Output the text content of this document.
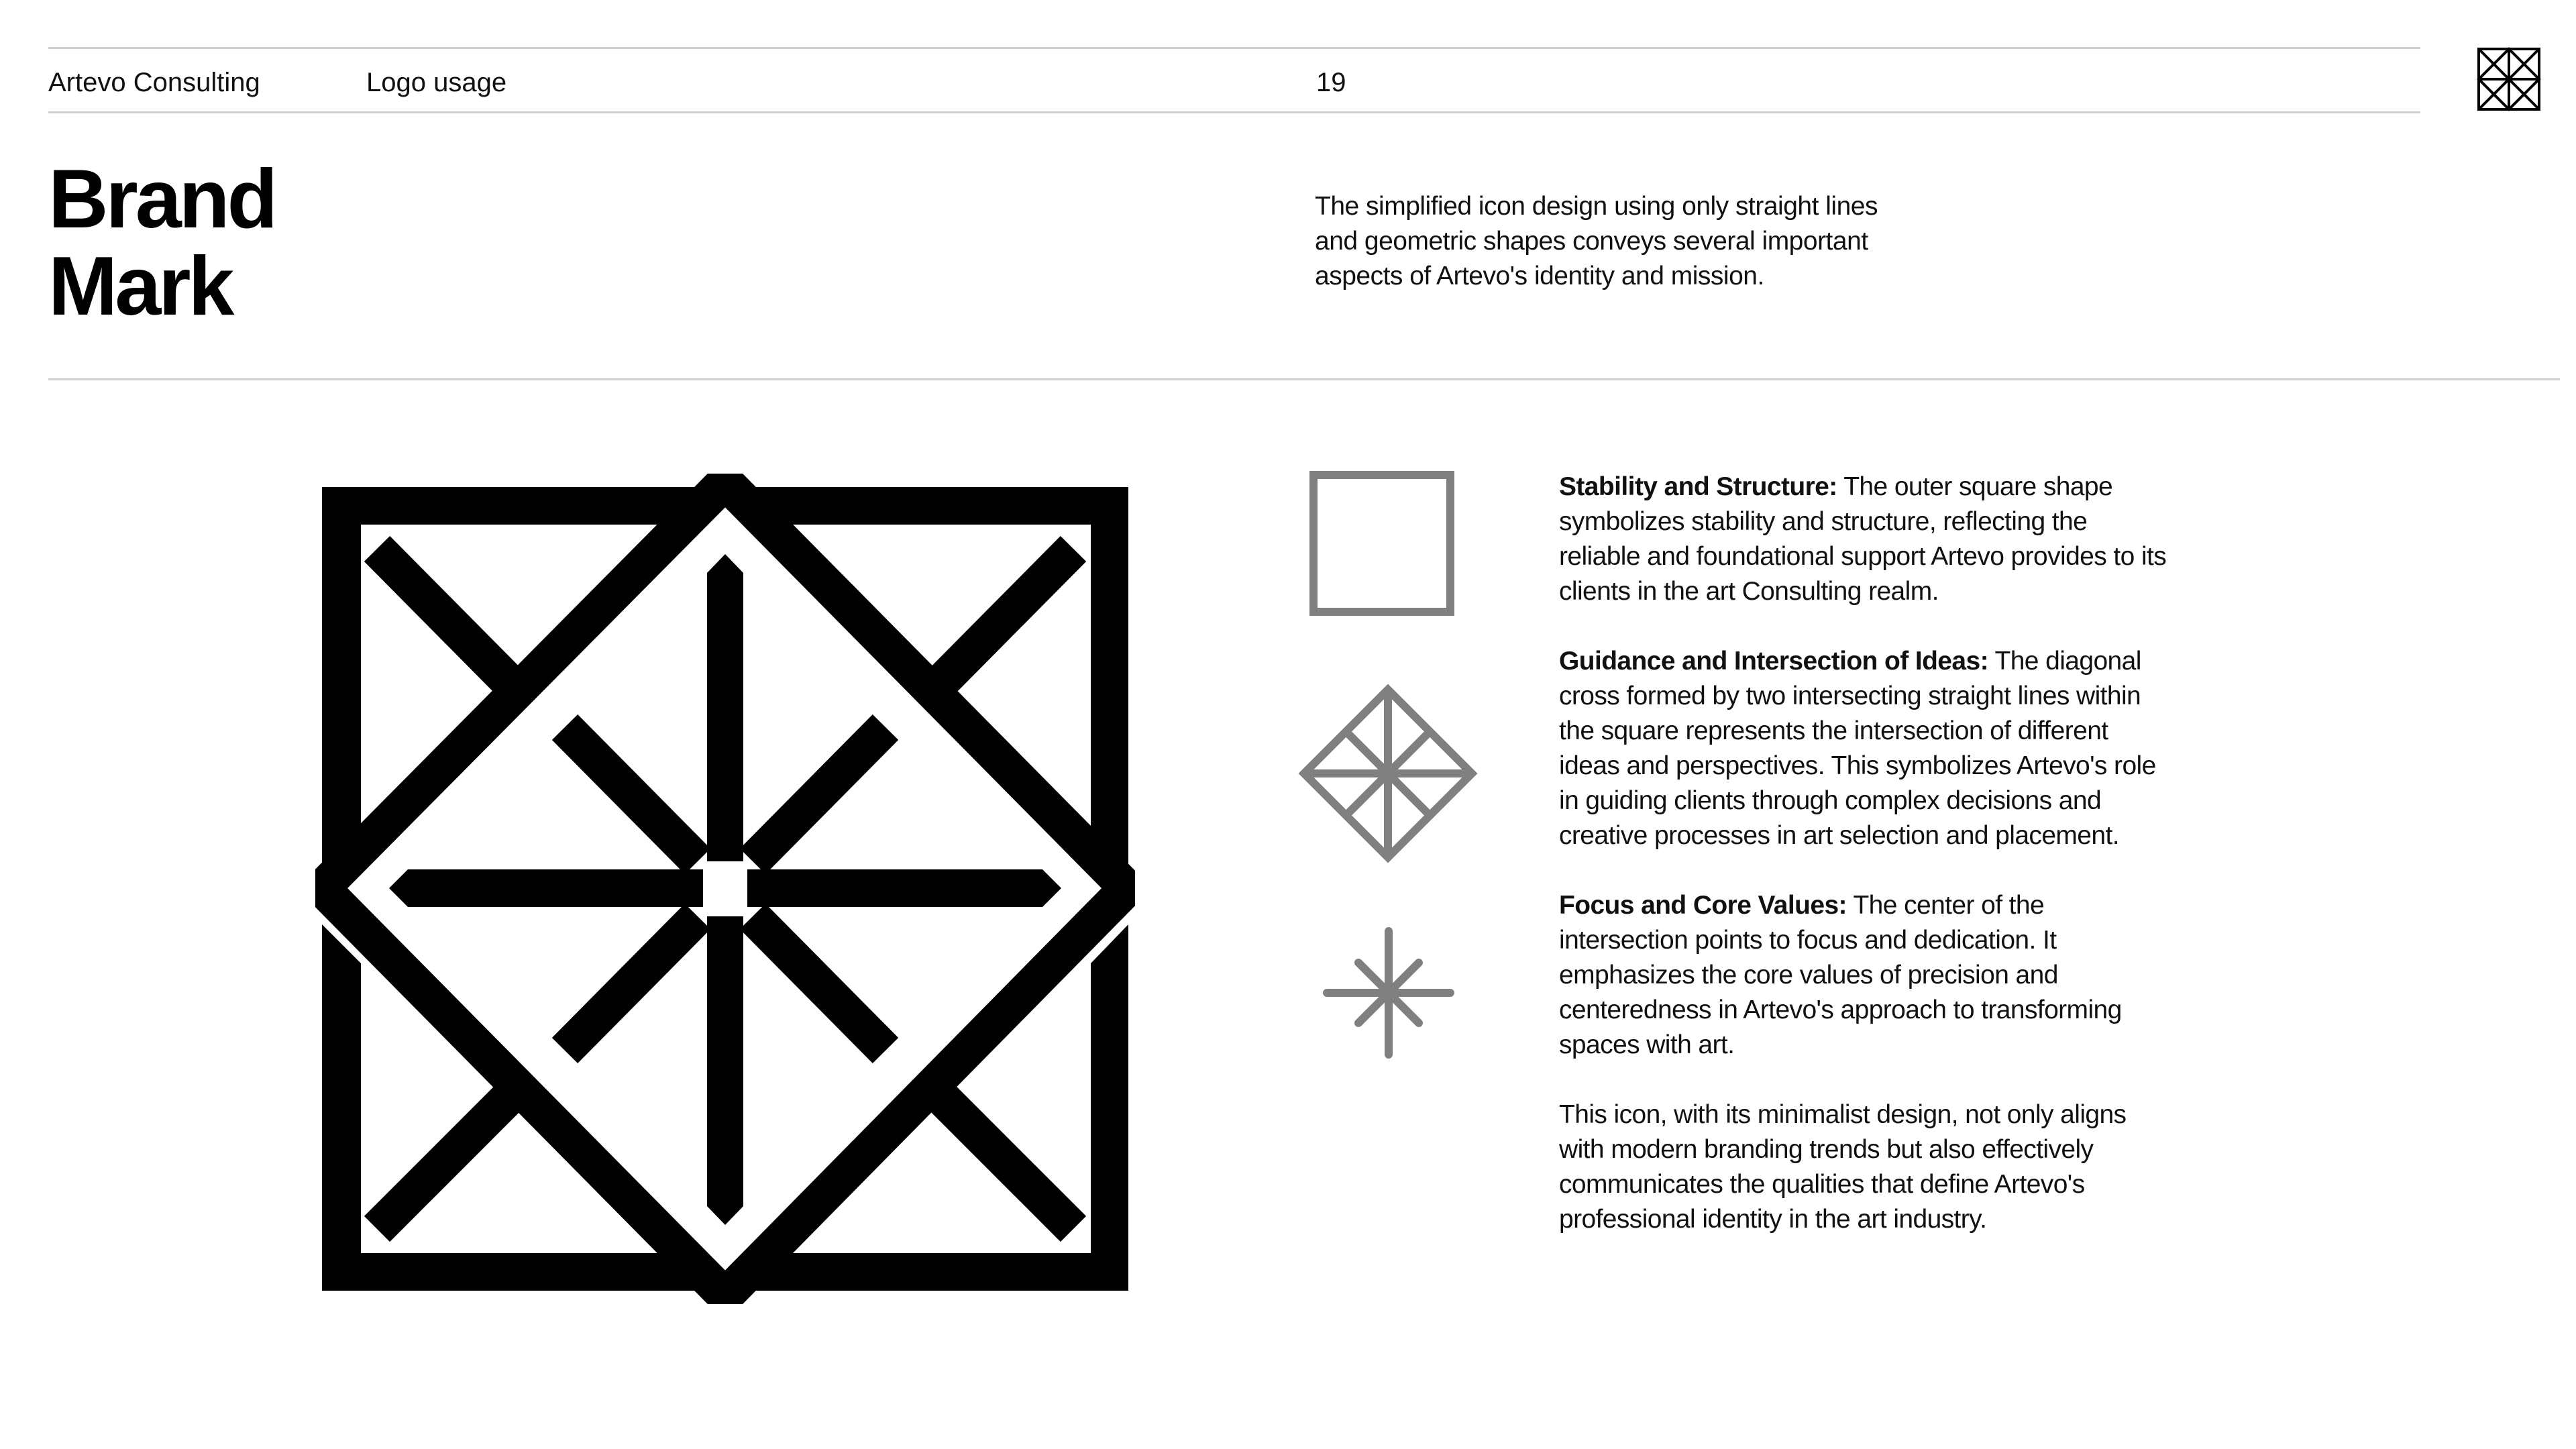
Artevo Consulting	Logo usage	19
Brand
Mark
The simplified icon design using only straight lines and geometric shapes conveys several important aspects of Artevo's identity and mission.

Stability and Structure: The outer square shape symbolizes stability and structure, reflecting the reliable and foundational support Artevo provides to its clients in the art Consulting realm.

Guidance and Intersection of Ideas: The diagonal cross formed by two intersecting straight lines within the square represents the intersection of different ideas and perspectives. This symbolizes Artevo's role in guiding clients through complex decisions and creative processes in art selection and placement.

Focus and Core Values: The center of the intersection points to focus and dedication. It emphasizes the core values of precision and centeredness in Artevo's approach to transforming spaces with art.

This icon, with its minimalist design, not only aligns with modern branding trends but also effectively communicates the qualities that define Artevo's professional identity in the art industry.
